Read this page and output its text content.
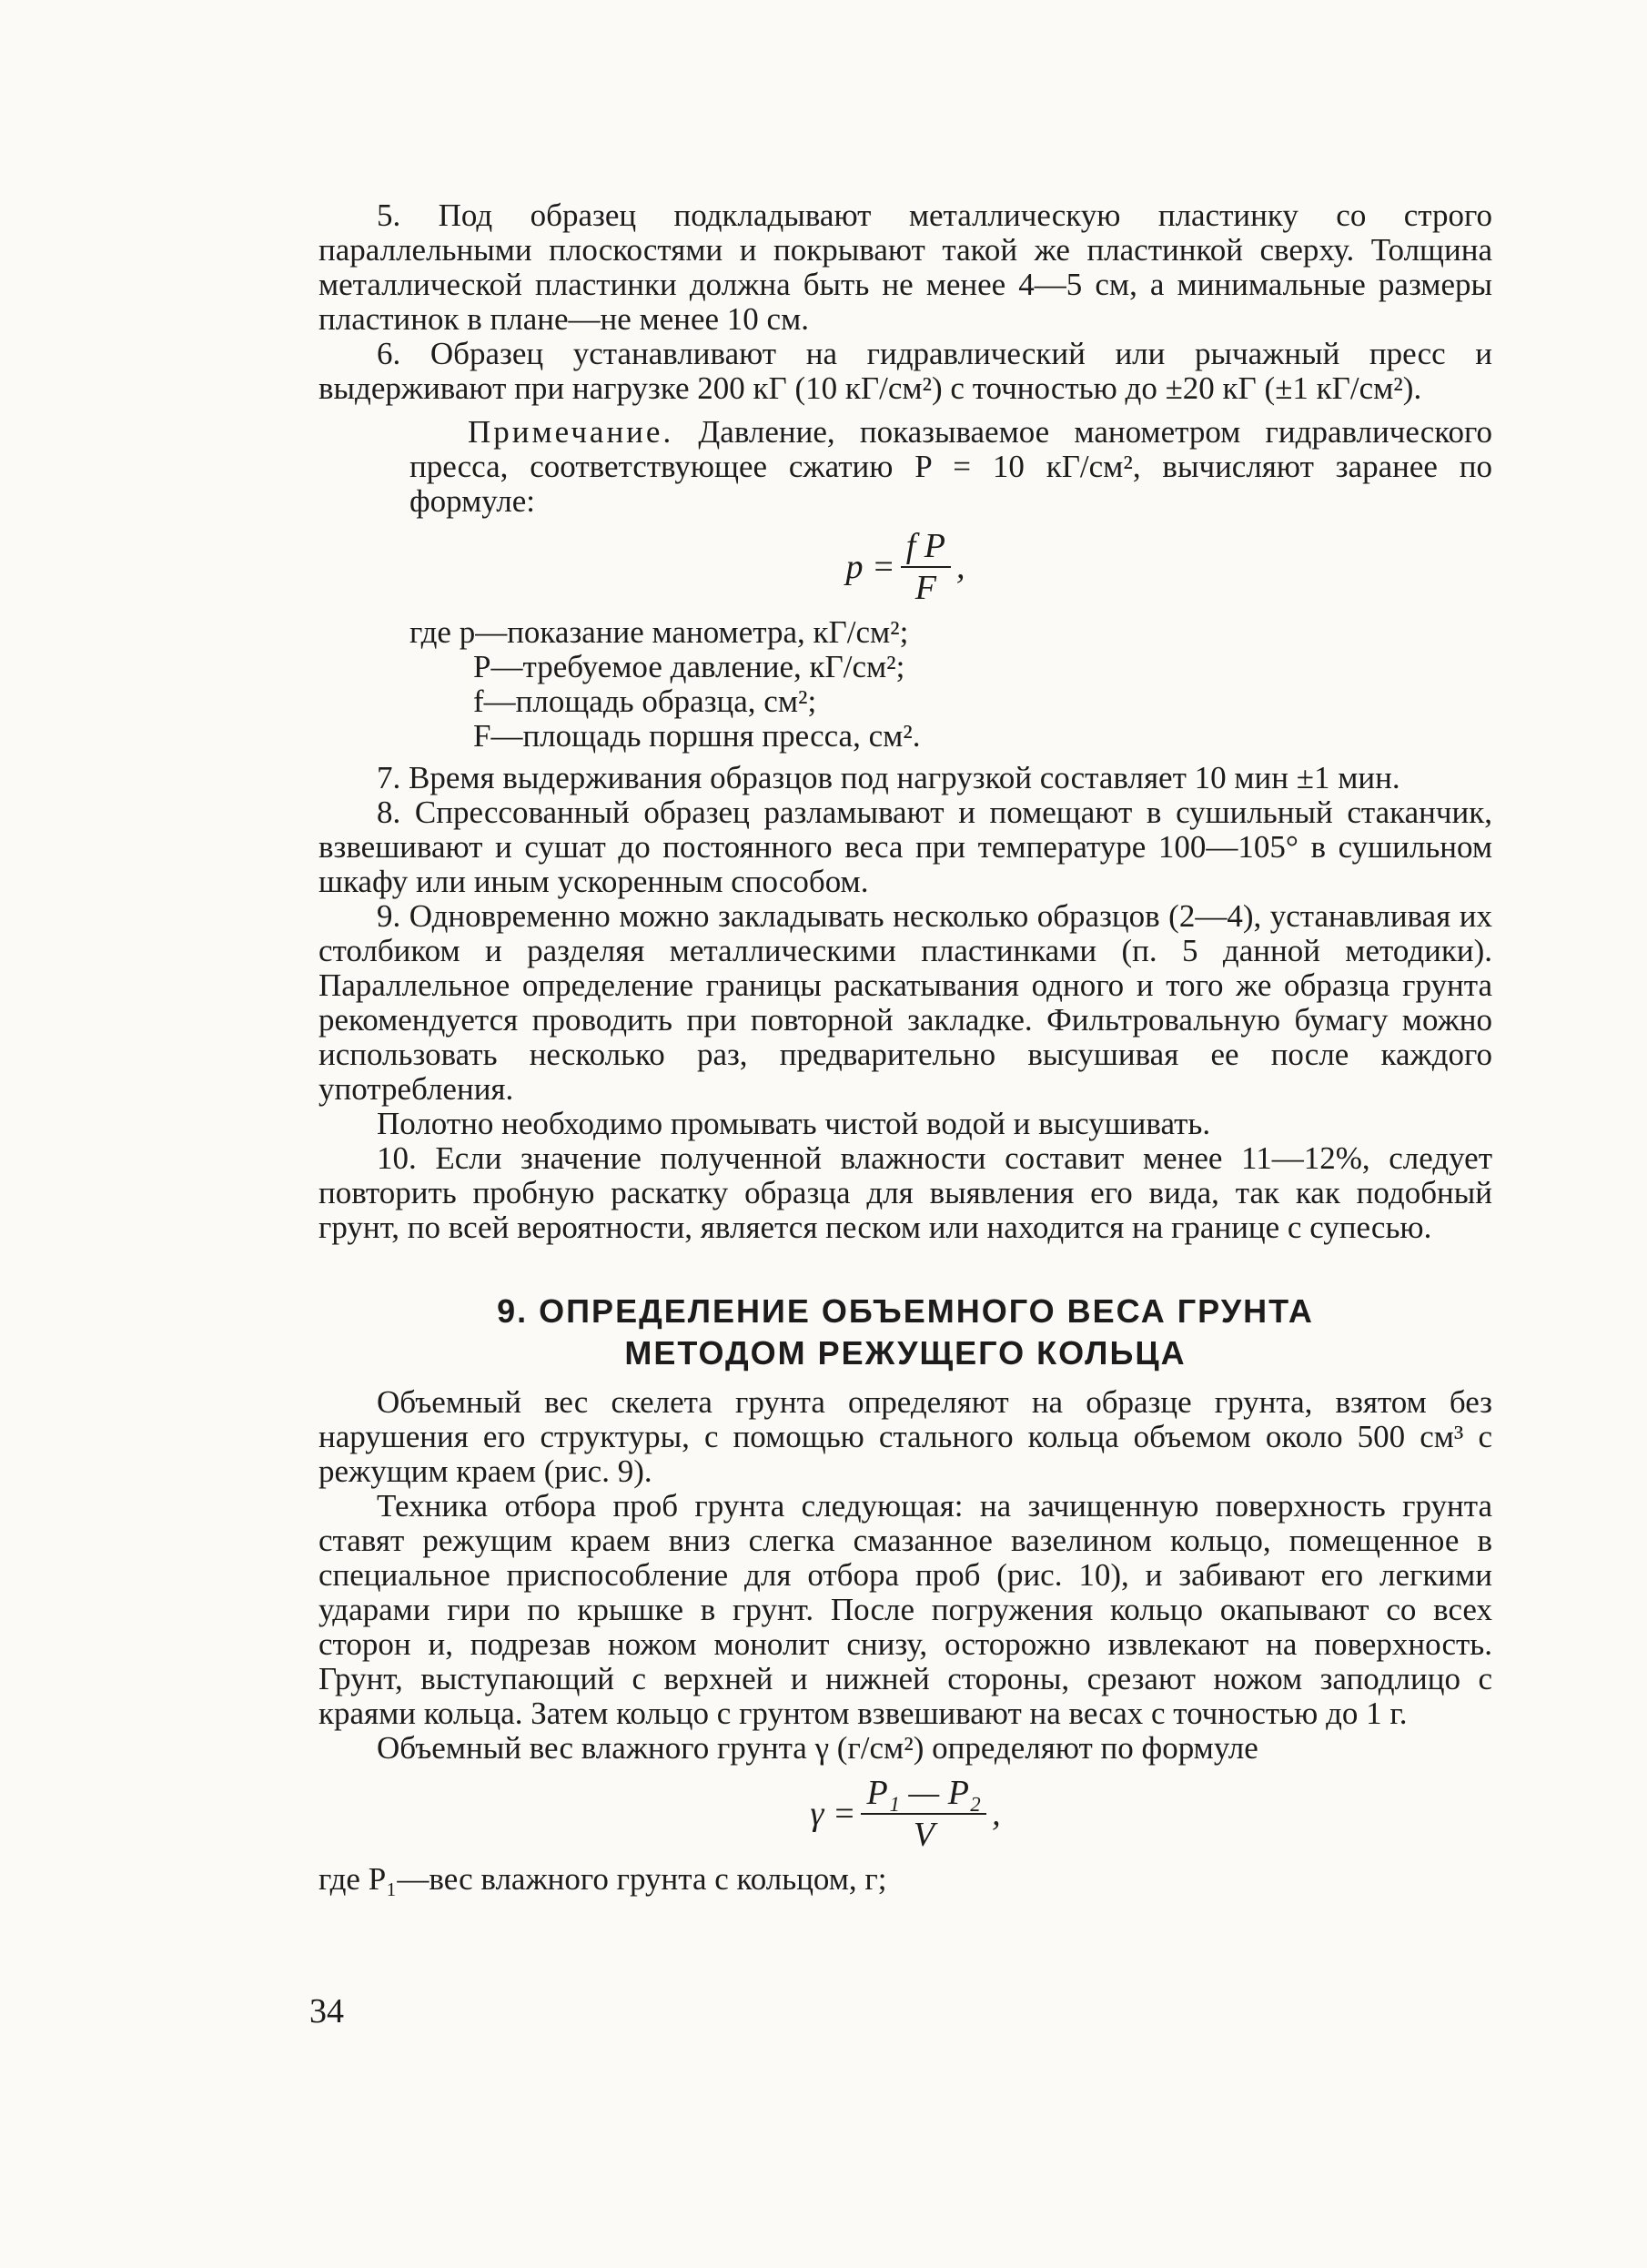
5. Под образец подкладывают металлическую пластинку со строго параллельными плоскостями и покрывают такой же пластинкой сверху. Толщина металлической пластинки должна быть не менее 4—5 см, а минимальные размеры пластинок в плане—не менее 10 см.

6. Образец устанавливают на гидравлический или рычажный пресс и выдерживают при нагрузке 200 кГ (10 кГ/см²) с точностью до ±20 кГ (±1 кГ/см²).

Примечание. Давление, показываемое манометром гидравлического пресса, соответствующее сжатию P = 10 кГ/см², вычисляют заранее по формуле:

$p = \frac{\text{f P}}{F}$ ,
где p—показание манометра, кГ/см²;
P—требуемое давление, кГ/см²;
f—площадь образца, см²;
F—площадь поршня пресса, см².

7. Время выдерживания образцов под нагрузкой составляет 10 мин ±1 мин.

8. Спрессованный образец разламывают и помещают в сушильный стаканчик, взвешивают и сушат до постоянного веса при температуре 100—105° в сушильном шкафу или иным ускоренным способом.

9. Одновременно можно закладывать несколько образцов (2—4), устанавливая их столбиком и разделяя металлическими пластинками (п. 5 данной методики). Параллельное определение границы раскатывания одного и того же образца грунта рекомендуется проводить при повторной закладке. Фильтровальную бумагу можно использовать несколько раз, предварительно высушивая ее после каждого употребления.

Полотно необходимо промывать чистой водой и высушивать.

10. Если значение полученной влажности составит менее 11—12%, следует повторить пробную раскатку образца для выявления его вида, так как подобный грунт, по всей вероятности, является песком или находится на границе с супесью.

9. ОПРЕДЕЛЕНИЕ ОБЪЕМНОГО ВЕСА ГРУНТА
МЕТОДОМ РЕЖУЩЕГО КОЛЬЦА

Объемный вес скелета грунта определяют на образце грунта, взятом без нарушения его структуры, с помощью стального кольца объемом около 500 см³ с режущим краем (рис. 9).

Техника отбора проб грунта следующая: на зачищенную поверхность грунта ставят режущим краем вниз слегка смазанное вазелином кольцо, помещенное в специальное приспособление для отбора проб (рис. 10), и забивают его легкими ударами гири по крышке в грунт. После погружения кольцо окапывают со всех сторон и, подрезав ножом монолит снизу, осторожно извлекают на поверхность. Грунт, выступающий с верхней и нижней стороны, срезают ножом заподлицо с краями кольца. Затем кольцо с грунтом взвешивают на весах с точностью до 1 г.

Объемный вес влажного грунта γ (г/см²) определяют по формуле

$\gamma = \frac{\text{P₁ — P₂}}{V}$ ,
где P₁—вес влажного грунта с кольцом, г;
34
